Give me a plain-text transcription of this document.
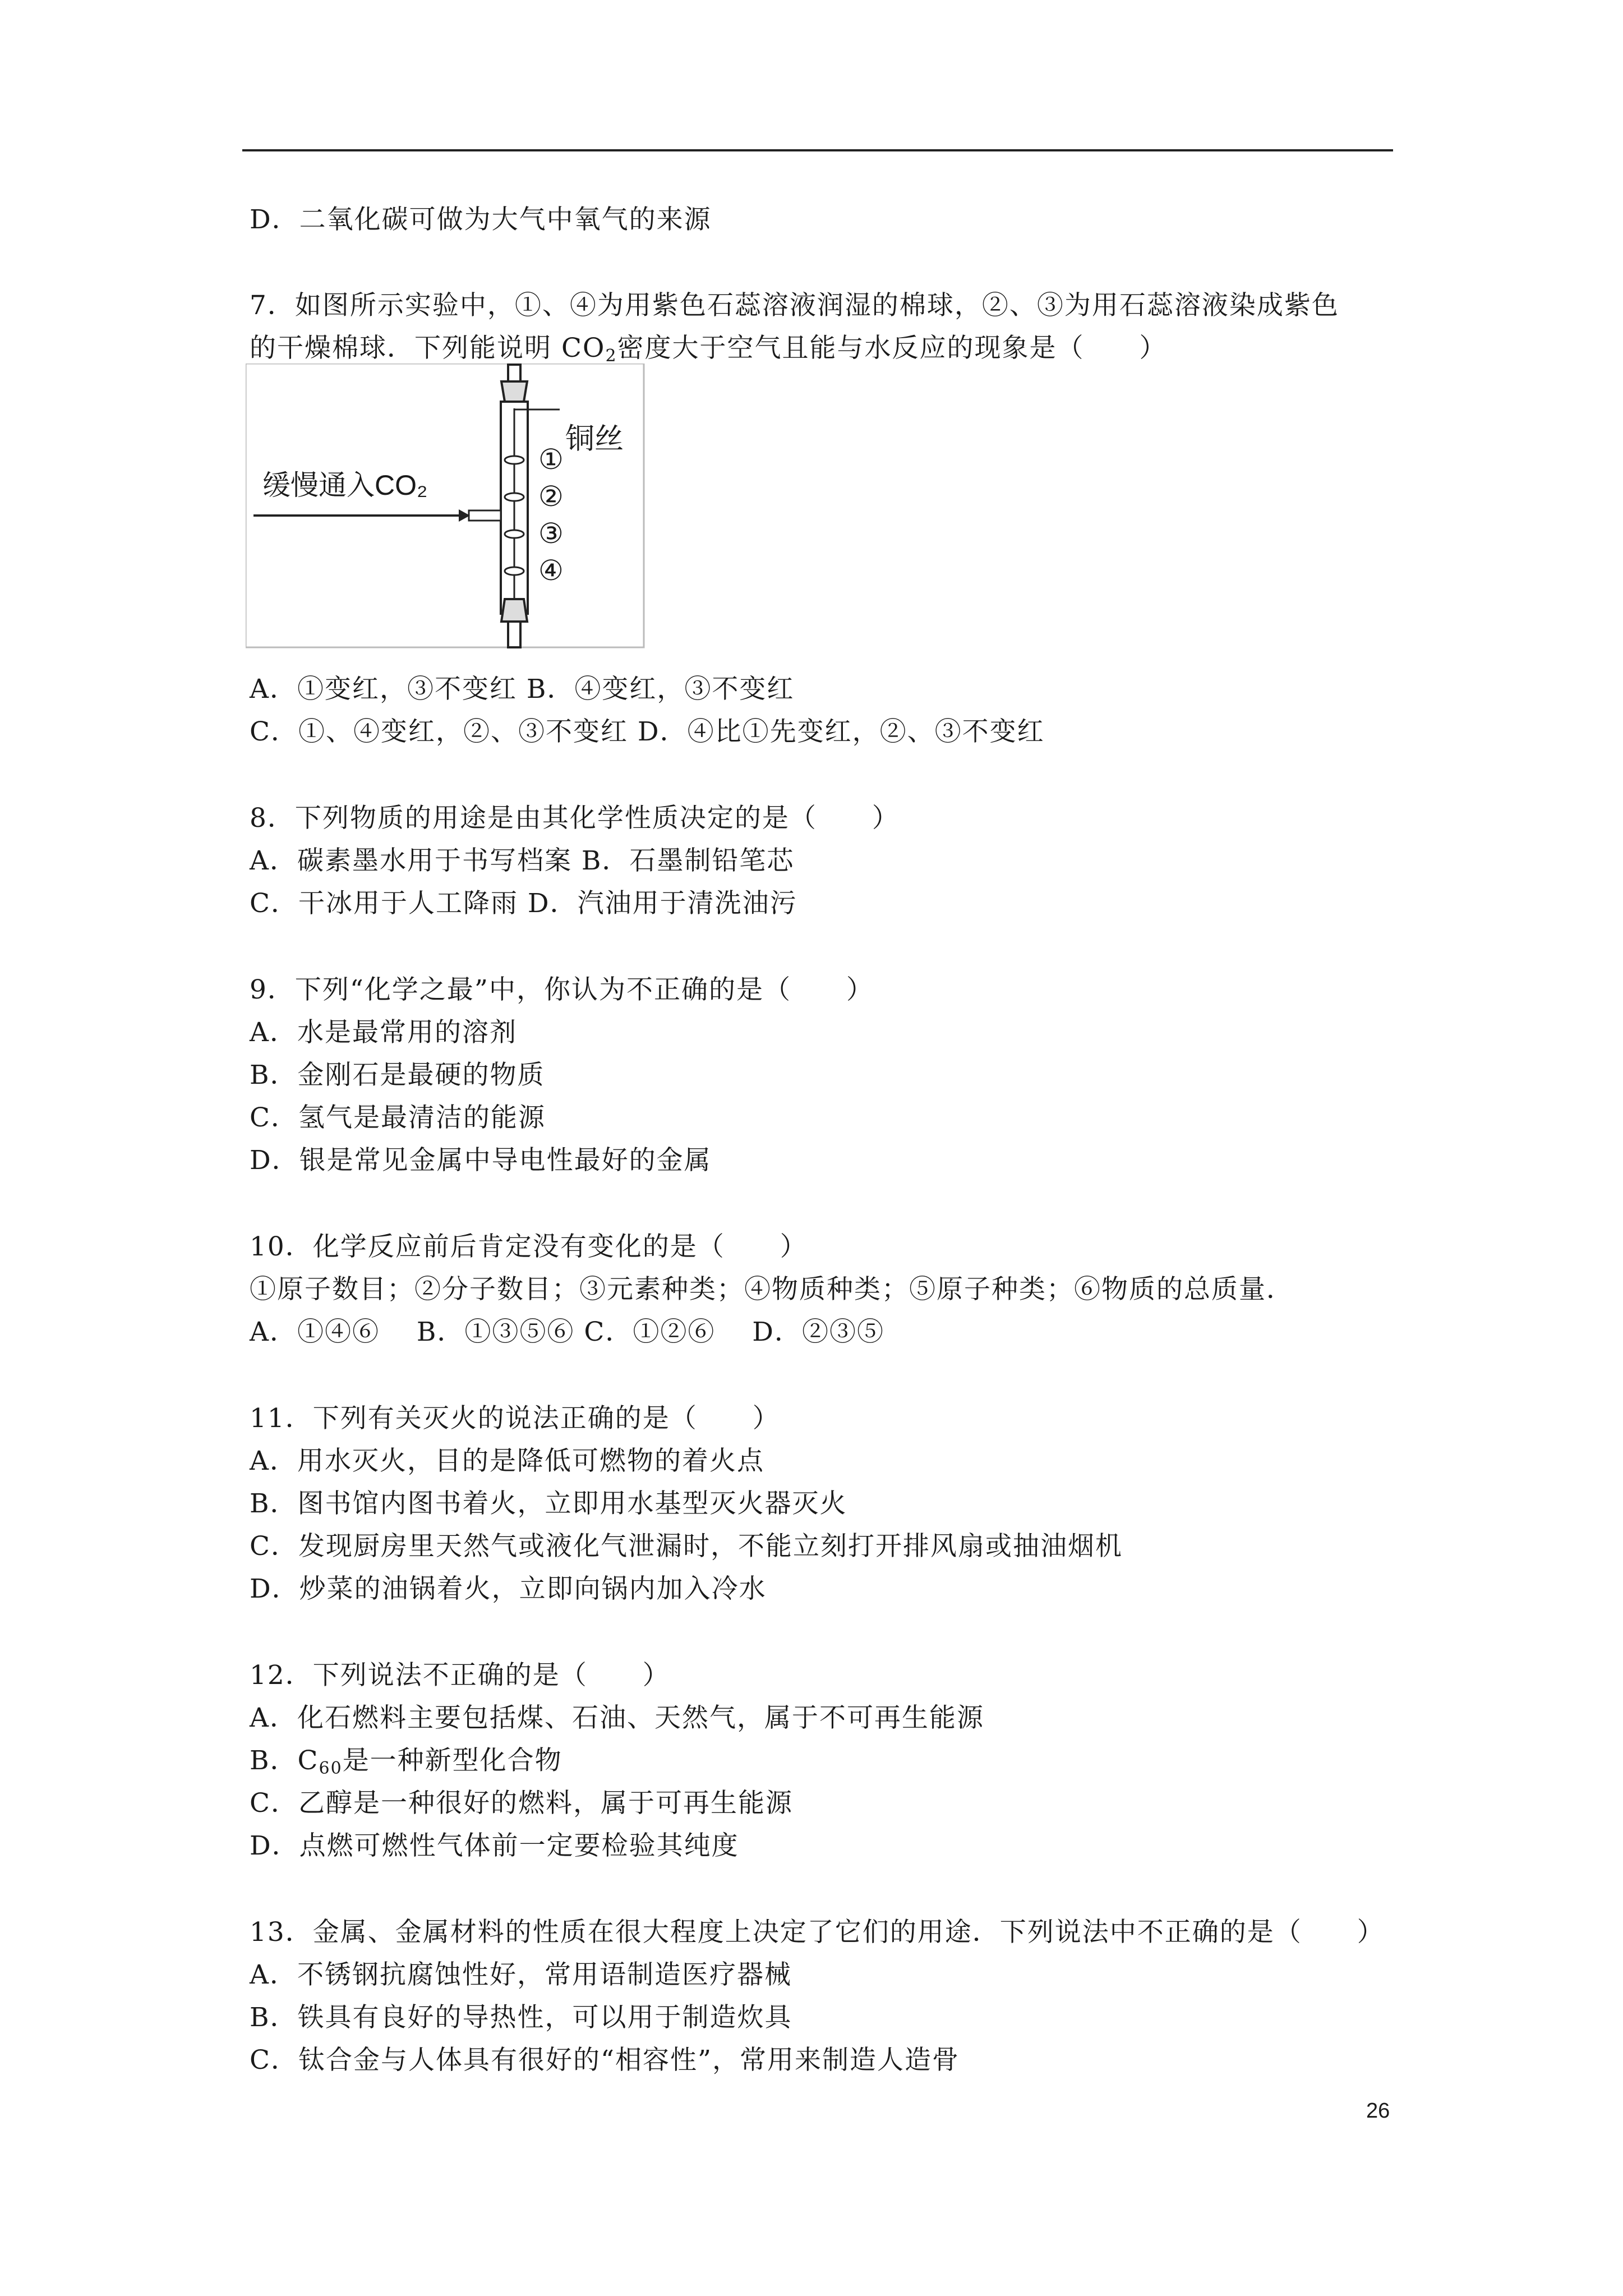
D．二氧化碳可做为大气中氧气的来源
7．如图所示实验中，①、④为用紫色石蕊溶液润湿的棉球，②、③为用石蕊溶液染成紫色
的干燥棉球．下列能说明 $CO_2$密度大于空气且能与水反应的现象是（　　）
缓慢通入CO₂
铜丝
①
②
③
④
A．①变红，③不变红 B．④变红，③不变红
C．①、④变红，②、③不变红 D．④比①先变红，②、③不变红
8．下列物质的用途是由其化学性质决定的是（　　）
A．碳素墨水用于书写档案 B．石墨制铅笔芯
C．干冰用于人工降雨 D．汽油用于清洗油污
9．下列“化学之最”中，你认为不正确的是（　　）
A．水是最常用的溶剂
B．金刚石是最硬的物质
C．氢气是最清洁的能源
D．银是常见金属中导电性最好的金属
10．化学反应前后肯定没有变化的是（　　）
①原子数目；②分子数目；③元素种类；④物质种类；⑤原子种类；⑥物质的总质量．
A．①④⑥　 B．①③⑤⑥ C．①②⑥　 D．②③⑤
11．下列有关灭火的说法正确的是（　　）
A．用水灭火，目的是降低可燃物的着火点
B．图书馆内图书着火，立即用水基型灭火器灭火
C．发现厨房里天然气或液化气泄漏时，不能立刻打开排风扇或抽油烟机
D．炒菜的油锅着火，立即向锅内加入冷水
12．下列说法不正确的是（　　）
A．化石燃料主要包括煤、石油、天然气，属于不可再生能源
B．$C_{60}$是一种新型化合物
C．乙醇是一种很好的燃料，属于可再生能源
D．点燃可燃性气体前一定要检验其纯度
13．金属、金属材料的性质在很大程度上决定了它们的用途．下列说法中不正确的是（　　）
A．不锈钢抗腐蚀性好，常用语制造医疗器械
B．铁具有良好的导热性，可以用于制造炊具
C．钛合金与人体具有很好的“相容性”，常用来制造人造骨
26
